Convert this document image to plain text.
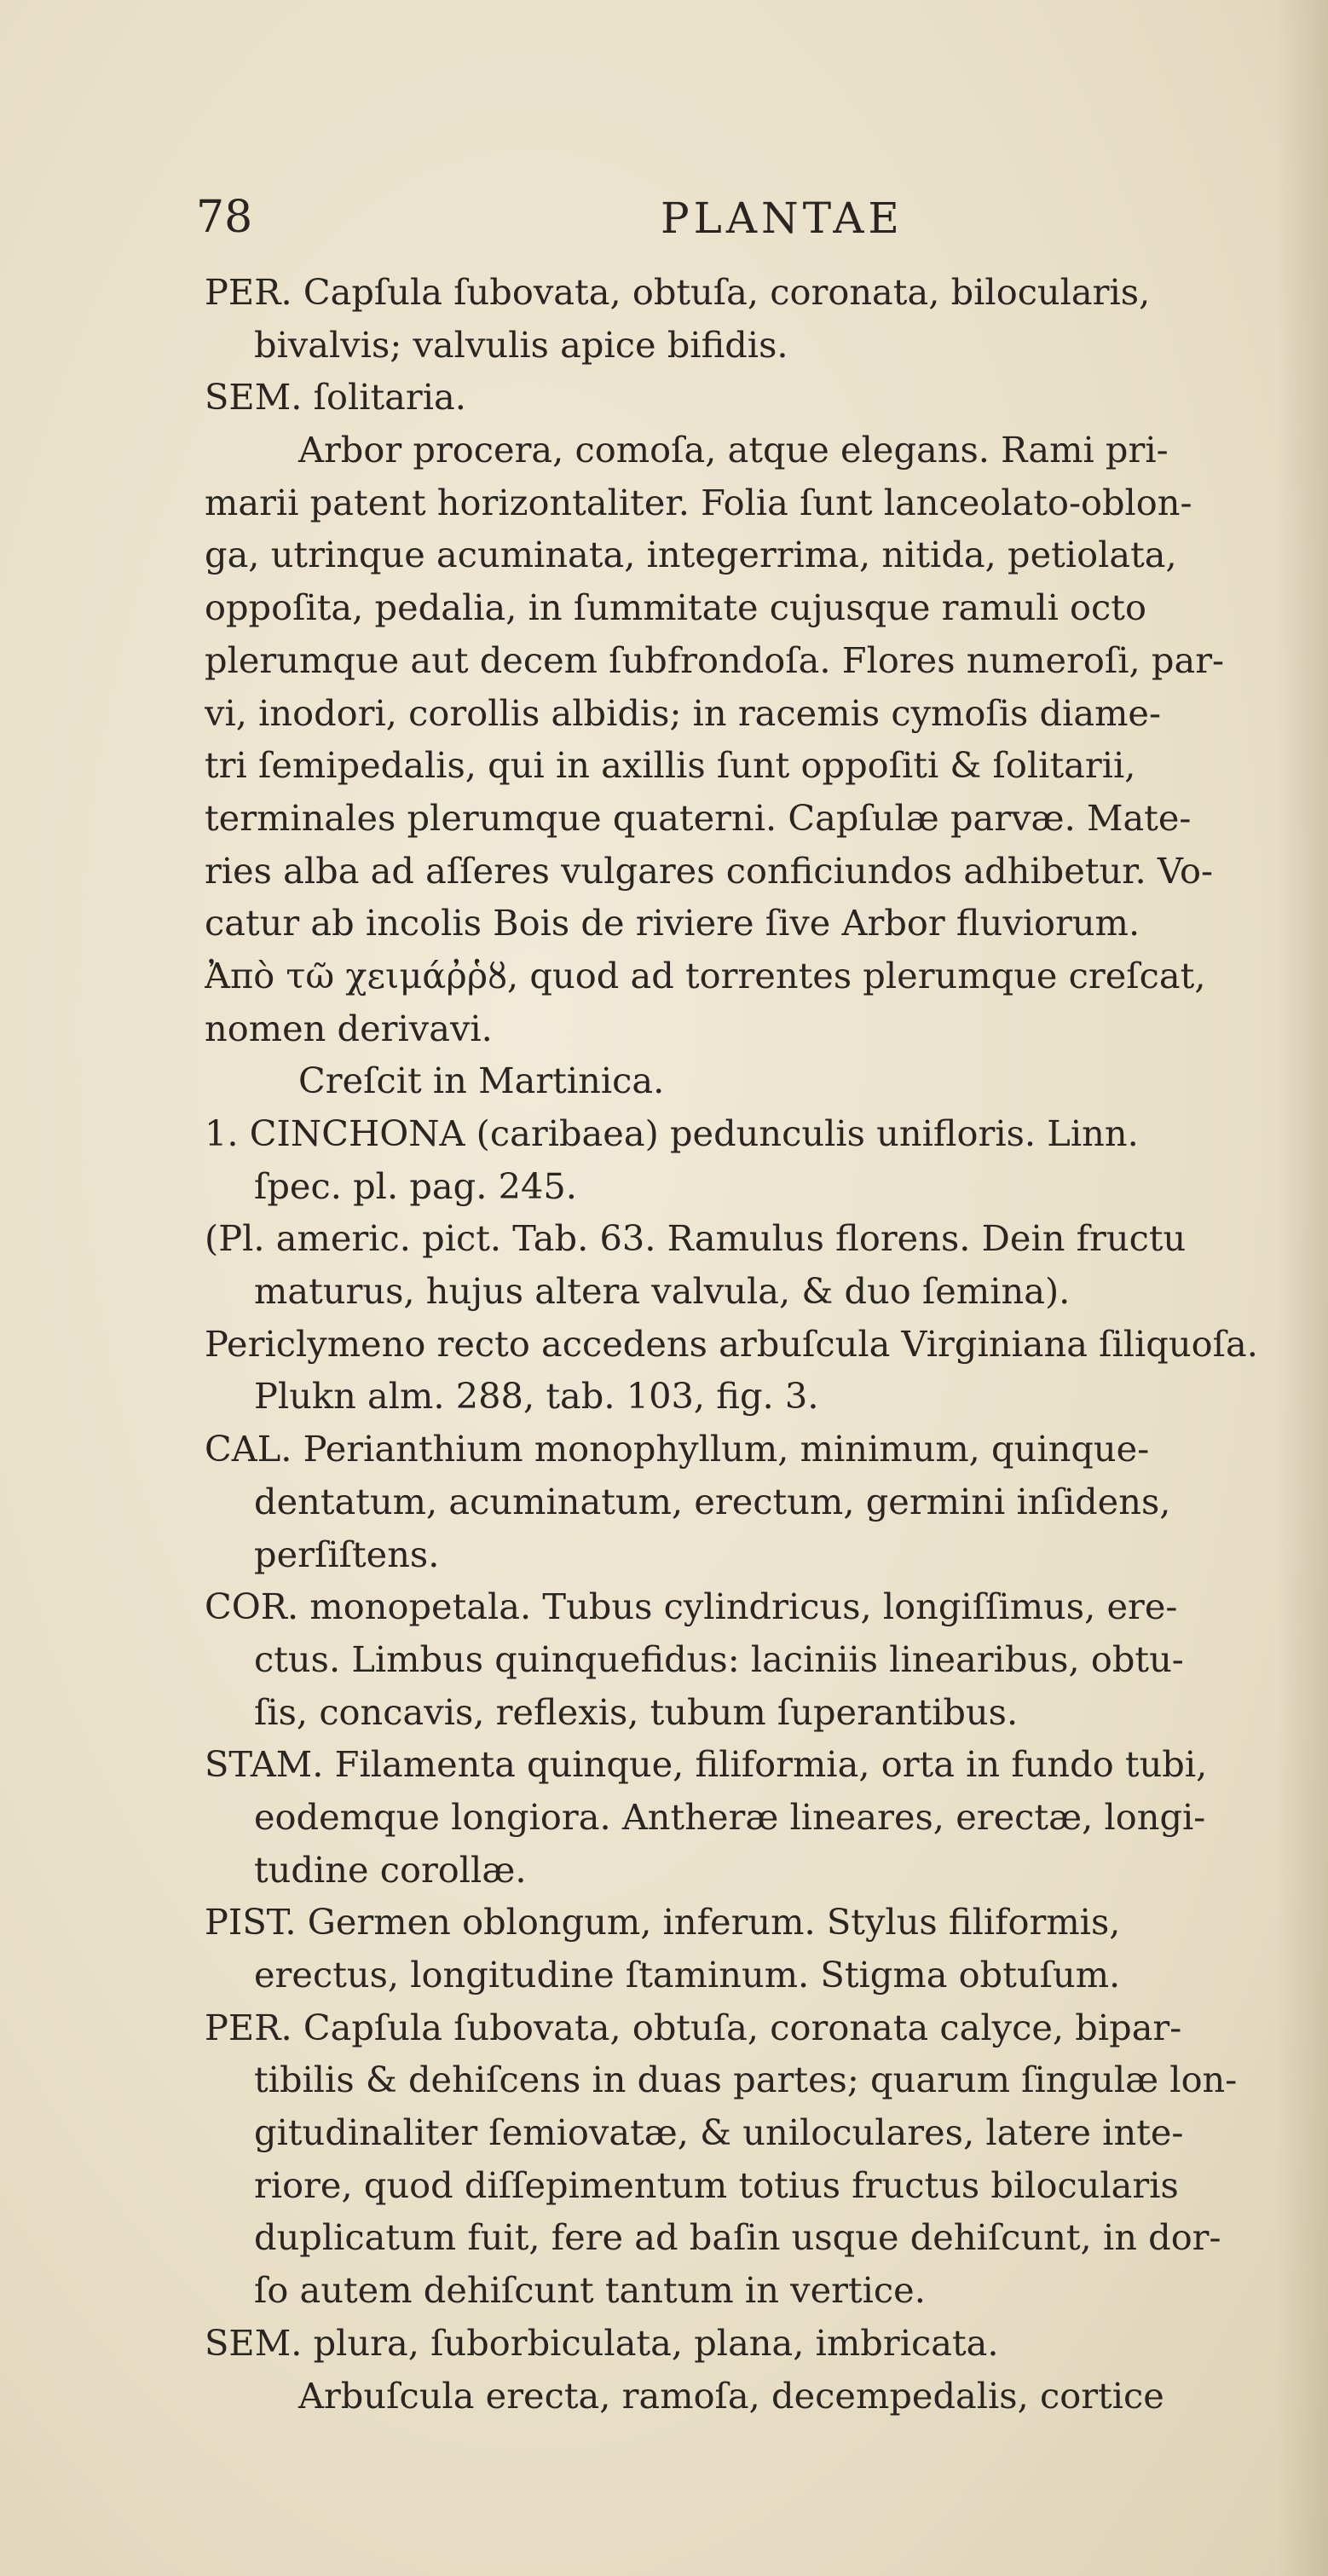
78	PLANTAE
PER. Capſula ſubovata, obtuſa, coronata, bilocularis,
bivalvis; valvulis apice bifidis.
SEM. ſolitaria.
Arbor procera, comoſa, atque elegans. Rami pri-
marii patent horizontaliter. Folia ſunt lanceolato-oblon-
ga, utrinque acuminata, integerrima, nitida, petiolata,
oppoſita, pedalia, in ſummitate cujusque ramuli octo
plerumque aut decem ſubfrondoſa. Flores numeroſi, par-
vi, inodori, corollis albidis; in racemis cymoſis diame-
tri ſemipedalis, qui in axillis ſunt oppoſiti & ſolitarii,
terminales plerumque quaterni. Capſulæ parvæ. Mate-
ries alba ad aſſeres vulgares conficiundos adhibetur. Vo-
catur ab incolis Bois de riviere ſive Arbor fluviorum.
Ἀπὸ τῶ χειμάῤῥȣ, quod ad torrentes plerumque creſcat,
nomen derivavi.
Creſcit in Martinica.
1. CINCHONA (caribaea) pedunculis unifloris. Linn.
ſpec. pl. pag. 245.
(Pl. americ. pict. Tab. 63. Ramulus florens. Dein fructu
maturus, hujus altera valvula, & duo ſemina).
Periclymeno recto accedens arbuſcula Virginiana ſiliquoſa.
Plukn alm. 288, tab. 103, fig. 3.
CAL. Perianthium monophyllum, minimum, quinque-
dentatum, acuminatum, erectum, germini inſidens,
perſiſtens.
COR. monopetala. Tubus cylindricus, longiſſimus, ere-
ctus. Limbus quinquefidus: laciniis linearibus, obtu-
ſis, concavis, reflexis, tubum ſuperantibus.
STAM. Filamenta quinque, filiformia, orta in fundo tubi,
eodemque longiora. Antheræ lineares, erectæ, longi-
tudine corollæ.
PIST. Germen oblongum, inferum. Stylus filiformis,
erectus, longitudine ſtaminum. Stigma obtuſum.
PER. Capſula ſubovata, obtuſa, coronata calyce, bipar-
tibilis & dehiſcens in duas partes; quarum ſingulæ lon-
gitudinaliter ſemiovatæ, & uniloculares, latere inte-
riore, quod diſſepimentum totius fructus bilocularis
duplicatum fuit, fere ad baſin usque dehiſcunt, in dor-
ſo autem dehiſcunt tantum in vertice.
SEM. plura, ſuborbiculata, plana, imbricata.
Arbuſcula erecta, ramoſa, decempedalis, cortice
